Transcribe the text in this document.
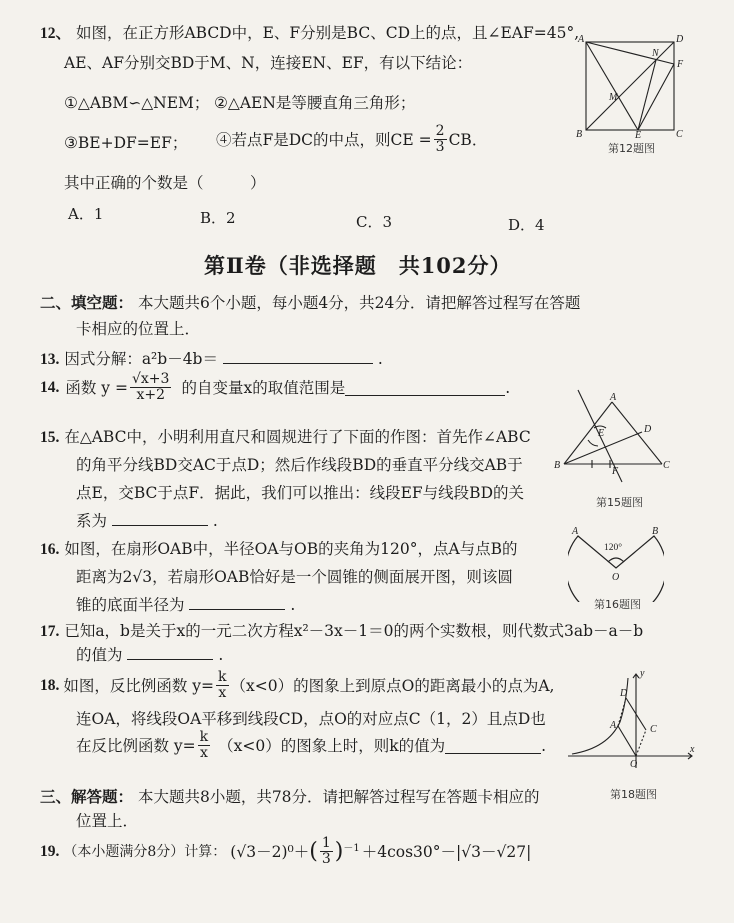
12、 如图，在正方形ABCD中，E、F分别是BC、CD上的点，且∠EAF=45°,
AE、AF分别交BD于M、N，连接EN、EF，有以下结论：
①△ABM∽△NEM； ②△AEN是等腰直角三角形；
③BE+DF=EF； ④若点F是DC的中点，则CE = $\frac{2}{3}$ CB．
其中正确的个数是（　　　）
A．1	B．2	C．3	D．4
A	D
B	C
E
F
M
N
第12题图
第Ⅱ卷（非选择题　共102分）
二、填空题： 本大题共6个小题，每小题4分，共24分．请把解答过程写在答题
卡相应的位置上．
13. 因式分解：a²b－4b＝	.
14. 函数 $y = \frac{√x+3}{x+2}$ 的自变量x的取值范围是	.
15. 在△ABC中，小明利用直尺和圆规进行了下面的作图：首先作∠ABC
的角平分线BD交AC于点D；然后作线段BD的垂直平分线交AB于
点E，交BC于点F．据此，我们可以推出：线段EF与线段BD的关
系为	.
A
B	C
D
E
F
第15题图
16. 如图，在扇形OAB中，半径OA与OB的夹角为120°，点A与点B的
距离为2√3，若扇形OAB恰好是一个圆锥的侧面展开图，则该圆
锥的底面半径为	.
A	B
O
120°
第16题图
17. 已知a，b是关于x的一元二次方程x²－3x－1＝0的两个实数根，则代数式3ab－a－b
的值为	.
18. 如图，反比例函数 $y= \frac{k}{x} (x<0)$的图象上到原点O的距离最小的点为A,
连OA，将线段OA平移到线段CD，点O的对应点C（1，2）且点D也
在反比例函数 $y= \frac{k}{x} (x<0)$的图象上时，则k的值为	.
y
x
O
A	C
D
第18题图
三、解答题： 本大题共8小题，共78分．请把解答过程写在答题卡相应的
位置上．
19. （本小题满分8分）计算： (√3－2)⁰＋ ( $\frac{1}{3}$ ) －1 ＋4cos30°－|√3－√27|
